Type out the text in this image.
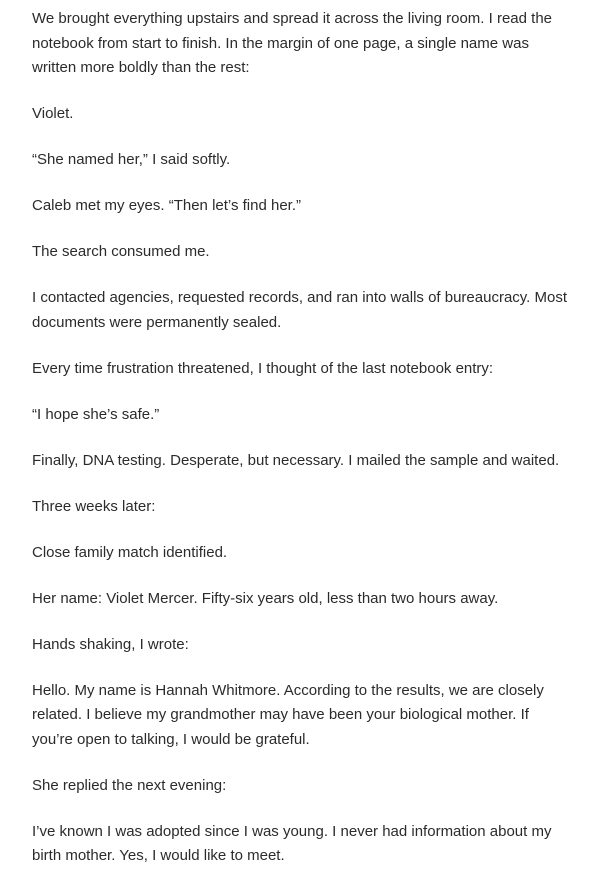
We brought everything upstairs and spread it across the living room. I read the notebook from start to finish. In the margin of one page, a single name was written more boldly than the rest:

Violet.

“She named her,” I said softly.

Caleb met my eyes. “Then let’s find her.”

The search consumed me.

I contacted agencies, requested records, and ran into walls of bureaucracy. Most documents were permanently sealed.

Every time frustration threatened, I thought of the last notebook entry:

“I hope she’s safe.”

Finally, DNA testing. Desperate, but necessary. I mailed the sample and waited.

Three weeks later:

Close family match identified.

Her name: Violet Mercer. Fifty-six years old, less than two hours away.

Hands shaking, I wrote:

Hello. My name is Hannah Whitmore. According to the results, we are closely related. I believe my grandmother may have been your biological mother. If you’re open to talking, I would be grateful.

She replied the next evening:

I’ve known I was adopted since I was young. I never had information about my birth mother. Yes, I would like to meet.
